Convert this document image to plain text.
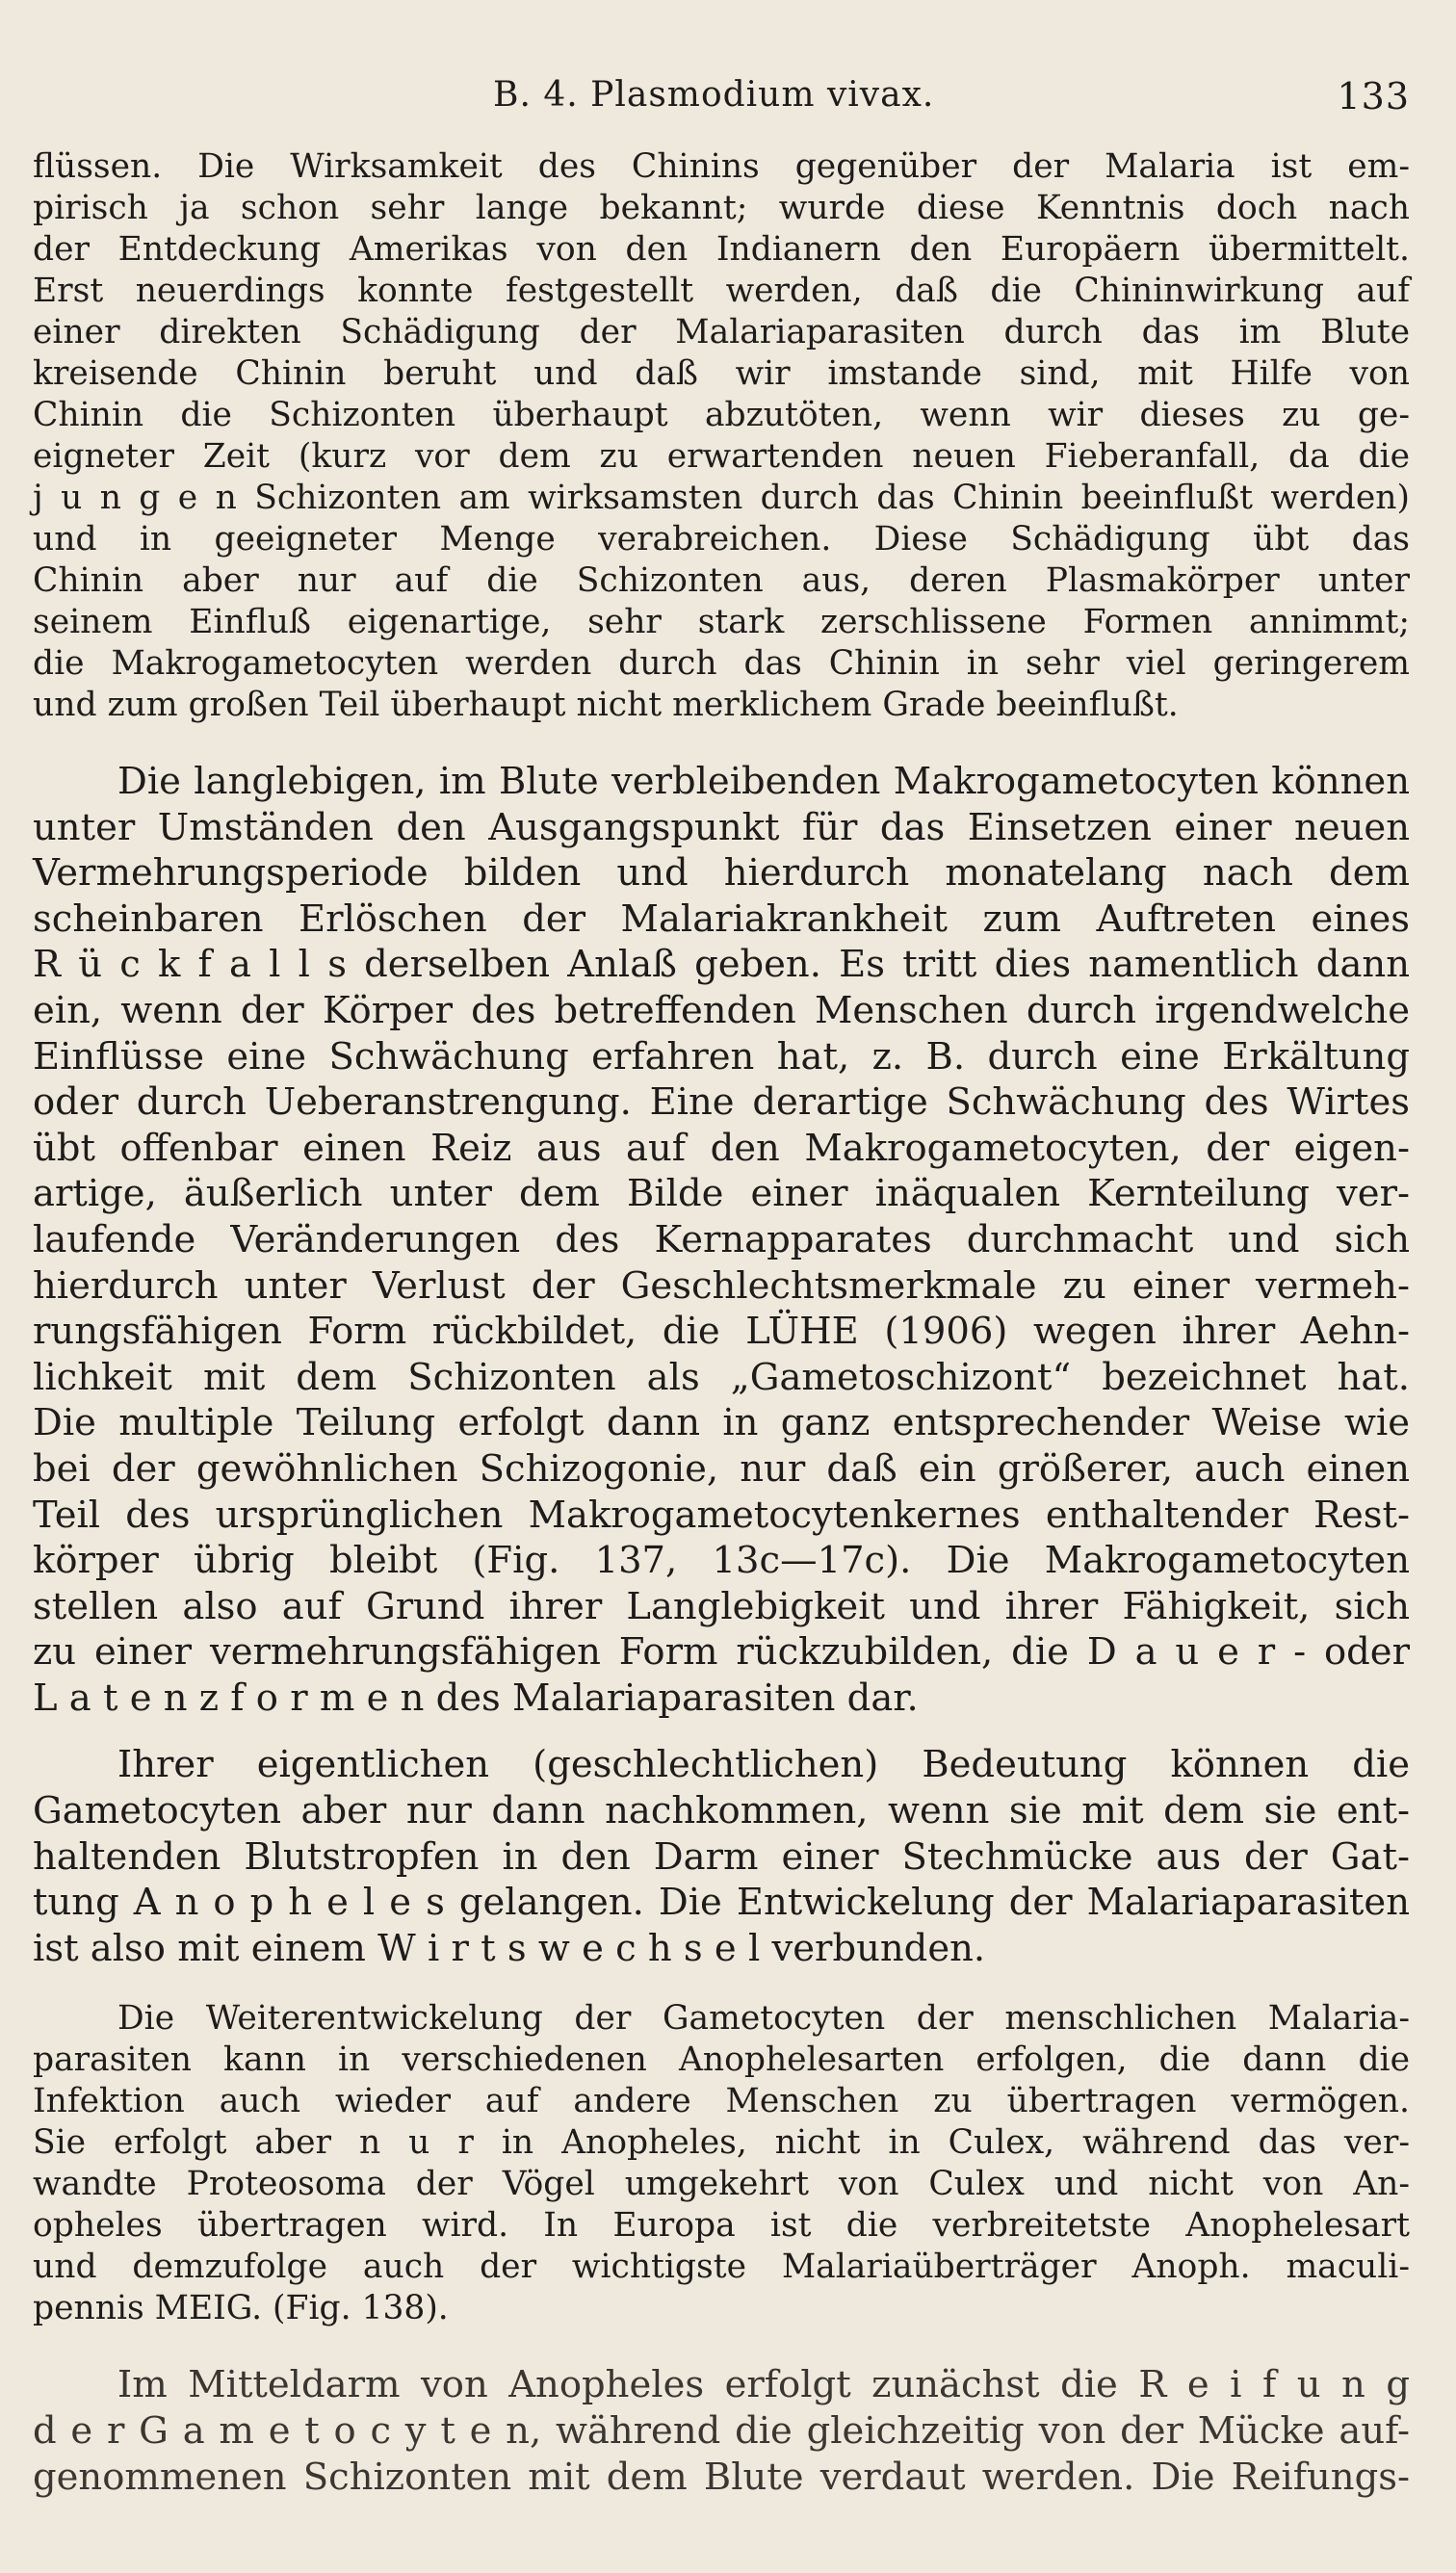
B. 4. Plasmodium vivax.	133
flüssen. Die Wirksamkeit des Chinins gegenüber der Malaria ist em-
pirisch ja schon sehr lange bekannt; wurde diese Kenntnis doch nach
der Entdeckung Amerikas von den Indianern den Europäern übermittelt.
Erst neuerdings konnte festgestellt werden, daß die Chininwirkung auf
einer direkten Schädigung der Malariaparasiten durch das im Blute
kreisende Chinin beruht und daß wir imstande sind, mit Hilfe von
Chinin die Schizonten überhaupt abzutöten, wenn wir dieses zu ge-
eigneter Zeit (kurz vor dem zu erwartenden neuen Fieberanfall, da die
j u n g e n Schizonten am wirksamsten durch das Chinin beeinflußt werden)
und in geeigneter Menge verabreichen. Diese Schädigung übt das
Chinin aber nur auf die Schizonten aus, deren Plasmakörper unter
seinem Einfluß eigenartige, sehr stark zerschlissene Formen annimmt;
die Makrogametocyten werden durch das Chinin in sehr viel geringerem
und zum großen Teil überhaupt nicht merklichem Grade beeinflußt.
Die langlebigen, im Blute verbleibenden Makrogametocyten können
unter Umständen den Ausgangspunkt für das Einsetzen einer neuen
Vermehrungsperiode bilden und hierdurch monatelang nach dem
scheinbaren Erlöschen der Malariakrankheit zum Auftreten eines
R ü c k f a l l s derselben Anlaß geben. Es tritt dies namentlich dann
ein, wenn der Körper des betreffenden Menschen durch irgendwelche
Einflüsse eine Schwächung erfahren hat, z. B. durch eine Erkältung
oder durch Ueberanstrengung. Eine derartige Schwächung des Wirtes
übt offenbar einen Reiz aus auf den Makrogametocyten, der eigen-
artige, äußerlich unter dem Bilde einer inäqualen Kernteilung ver-
laufende Veränderungen des Kernapparates durchmacht und sich
hierdurch unter Verlust der Geschlechtsmerkmale zu einer vermeh-
rungsfähigen Form rückbildet, die LÜHE (1906) wegen ihrer Aehn-
lichkeit mit dem Schizonten als „Gametoschizont“ bezeichnet hat.
Die multiple Teilung erfolgt dann in ganz entsprechender Weise wie
bei der gewöhnlichen Schizogonie, nur daß ein größerer, auch einen
Teil des ursprünglichen Makrogametocytenkernes enthaltender Rest-
körper übrig bleibt (Fig. 137, 13c—17c). Die Makrogametocyten
stellen also auf Grund ihrer Langlebigkeit und ihrer Fähigkeit, sich
zu einer vermehrungsfähigen Form rückzubilden, die D a u e r - oder
L a t e n z f o r m e n des Malariaparasiten dar.
Ihrer eigentlichen (geschlechtlichen) Bedeutung können die
Gametocyten aber nur dann nachkommen, wenn sie mit dem sie ent-
haltenden Blutstropfen in den Darm einer Stechmücke aus der Gat-
tung A n o p h e l e s gelangen. Die Entwickelung der Malariaparasiten
ist also mit einem W i r t s w e c h s e l verbunden.
Die Weiterentwickelung der Gametocyten der menschlichen Malaria-
parasiten kann in verschiedenen Anophelesarten erfolgen, die dann die
Infektion auch wieder auf andere Menschen zu übertragen vermögen.
Sie erfolgt aber n u r in Anopheles, nicht in Culex, während das ver-
wandte Proteosoma der Vögel umgekehrt von Culex und nicht von An-
opheles übertragen wird. In Europa ist die verbreitetste Anophelesart
und demzufolge auch der wichtigste Malariaüberträger Anoph. maculi-
pennis MEIG. (Fig. 138).
Im Mitteldarm von Anopheles erfolgt zunächst die R e i f u n g
d e r G a m e t o c y t e n, während die gleichzeitig von der Mücke auf-
genommenen Schizonten mit dem Blute verdaut werden. Die Reifungs-
